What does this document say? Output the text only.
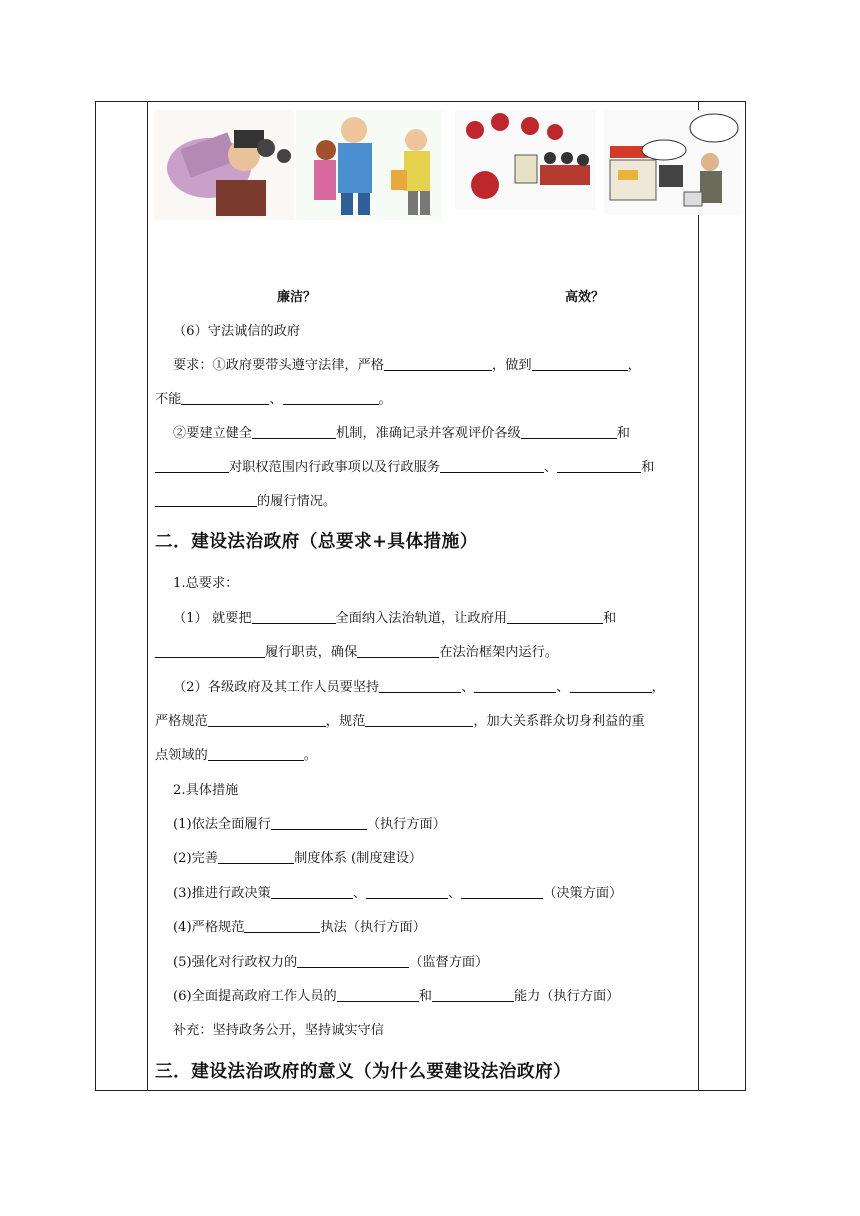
廉洁？	高效？
（6）守法诚信的政府
要求：①政府要带头遵守法律，严格	，做到	，
不能	、	。
②要建立健全	机制，准确记录并客观评价各级	和
对职权范围内行政事项以及行政服务	、	和
的履行情况。
二．建设法治政府（总要求+具体措施）
1.总要求：
（1） 就要把	全面纳入法治轨道，让政府用	和
履行职责，确保	在法治框架内运行。
（2）各级政府及其工作人员要坚持	、	、	，
严格规范	，规范	，加大关系群众切身利益的重
点领域的	。
2.具体措施
(1)依法全面履行	（执行方面）
(2)完善	制度体系 (制度建设）
(3)推进行政决策	、	、	（决策方面）
(4)严格规范	执法（执行方面）
(5)强化对行政权力的	（监督方面）
(6)全面提高政府工作人员的	和	能力（执行方面）
补充：坚持政务公开，坚持诚实守信
三．建设法治政府的意义（为什么要建设法治政府）
